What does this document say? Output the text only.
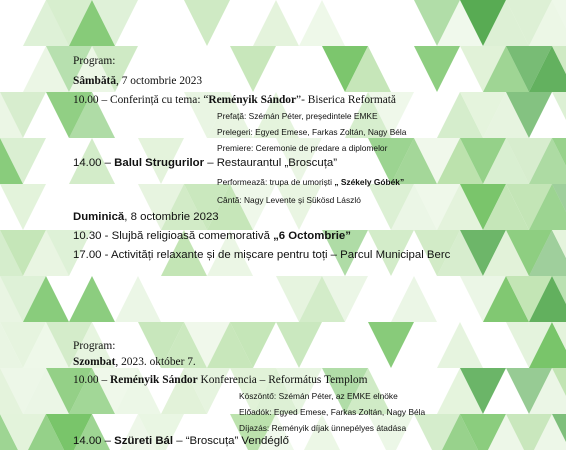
Program:
Sâmbătă, 7 octombrie 2023
10.00 – Conferință cu tema: “Reményik Sándor”- Biserica Reformată
Prefață: Szémán Péter, președintele EMKE
Prelegeri: Egyed Emese, Farkas Zoltán, Nagy Béla
Premiere: Ceremonie de predare a diplomelor
14.00 – Balul Strugurilor – Restaurantul „Broscuța”
Performează: trupa de umoriști „ Székely Góbék”
Cântă: Nagy Levente și Sükösd László
Duminică, 8 octombrie 2023
10.30 - Slujbă religioasă comemorativă „6 Octombrie”
17.00 - Activități relaxante și de mișcare pentru toți – Parcul Municipal Berc
Program:
Szombat, 2023. október 7.
10.00 – Reményik Sándor Konferencia – Református Templom
Köszöntő: Szémán Péter, az EMKE elnöke
Előadók: Egyed Emese, Farkas Zoltán, Nagy Béla
Díjazás: Reményik díjak ünnepélyes átadása
14.00 – Szüreti Bál – “Broscuța” Vendéglő
